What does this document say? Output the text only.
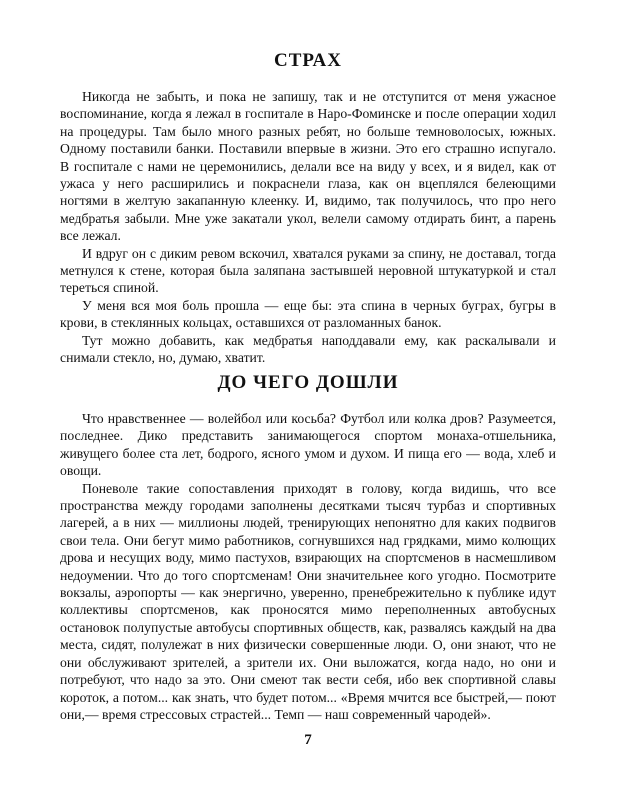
СТРАХ

Никогда не забыть, и пока не запишу, так и не отступится от меня ужасное воспоминание, когда я лежал в госпитале в Наро-Фоминске и после операции ходил на процедуры. Там было много разных ребят, но больше темноволосых, южных. Одному поставили банки. Поставили впервые в жизни. Это его страшно испугало. В госпитале с нами не церемонились, делали все на виду у всех, и я видел, как от ужаса у него расширились и покраснели глаза, как он вцеплялся белеющими ногтями в желтую закапанную клеенку. И, видимо, так получилось, что про него медбратья забыли. Мне уже закатали укол, велели самому отдирать бинт, а парень все лежал.

И вдруг он с диким ревом вскочил, хватался руками за спину, не доставал, тогда метнулся к стене, которая была заляпана застывшей неровной штукатуркой и стал тереться спиной.

У меня вся моя боль прошла — еще бы: эта спина в черных буграх, бугры в крови, в стеклянных кольцах, оставшихся от разломанных банок.

Тут можно добавить, как медбратья наподдавали ему, как раскалывали и снимали стекло, но, думаю, хватит.

ДО ЧЕГО ДОШЛИ

Что нравственнее — волейбол или косьба? Футбол или колка дров? Разумеется, последнее. Дико представить занимающегося спортом монаха-отшельника, живущего более ста лет, бодрого, ясного умом и духом. И пища его — вода, хлеб и овощи.

Поневоле такие сопоставления приходят в голову, когда видишь, что все пространства между городами заполнены десятками тысяч турбаз и спортивных лагерей, а в них — миллионы людей, тренирующих непонятно для каких подвигов свои тела. Они бегут мимо работников, согнувшихся над грядками, мимо колющих дрова и несущих воду, мимо пастухов, взирающих на спортсменов в насмешливом недоумении. Что до того спортсменам! Они значительнее кого угодно. Посмотрите вокзалы, аэропорты — как энергично, уверенно, пренебрежительно к публике идут коллективы спортсменов, как проносятся мимо переполненных автобусных остановок полупустые автобусы спортивных обществ, как, развалясь каждый на два места, сидят, полулежат в них физически совершенные люди. О, они знают, что не они обслуживают зрителей, а зрители их. Они выложатся, когда надо, но они и потребуют, что надо за это. Они смеют так вести себя, ибо век спортивной славы короток, а потом... как знать, что будет потом... «Время мчится все быстрей,— поют они,— время стрессовых страстей... Темп — наш современный чародей».

7
